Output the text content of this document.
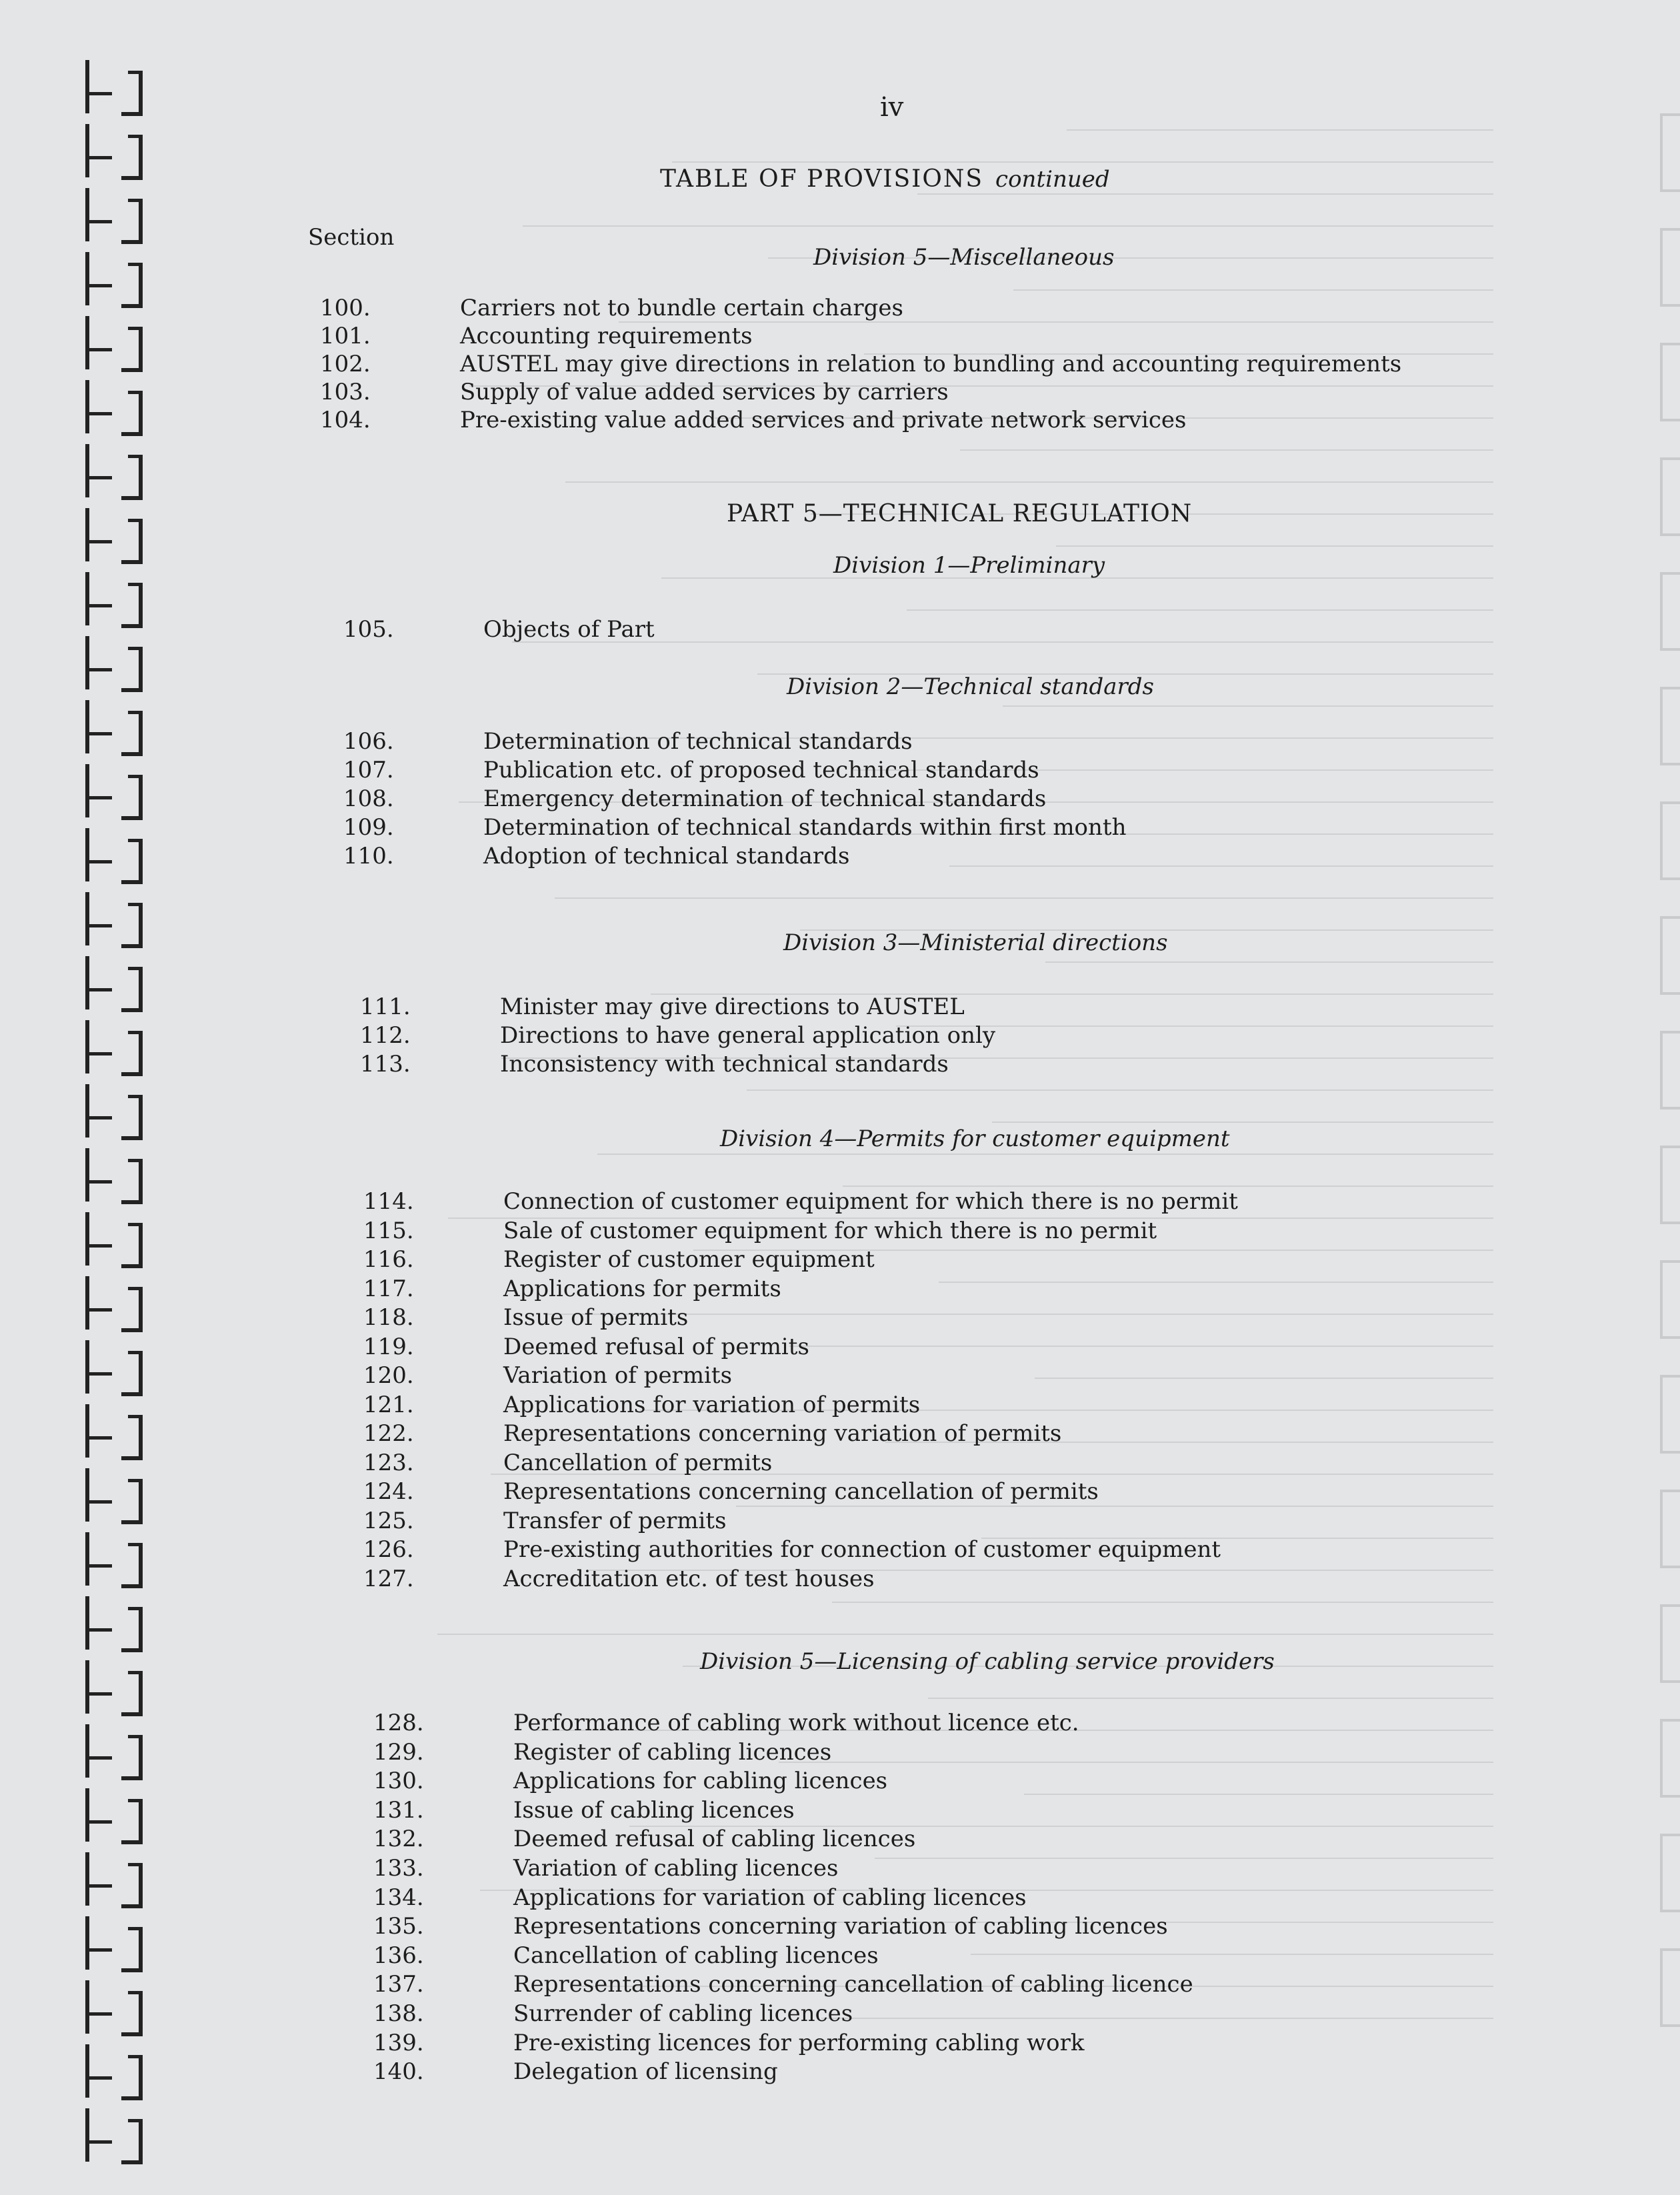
iv
TABLE OF PROVISIONS continued
Section
Division 5—Miscellaneous
100.	Carriers not to bundle certain charges
101.	Accounting requirements
102.	AUSTEL may give directions in relation to bundling and accounting requirements
103.	Supply of value added services by carriers
104.	Pre-existing value added services and private network services
PART 5—TECHNICAL REGULATION
Division 1—Preliminary
105.	Objects of Part
Division 2—Technical standards
106.	Determination of technical standards
107.	Publication etc. of proposed technical standards
108.	Emergency determination of technical standards
109.	Determination of technical standards within first month
110.	Adoption of technical standards
Division 3—Ministerial directions
111.	Minister may give directions to AUSTEL
112.	Directions to have general application only
113.	Inconsistency with technical standards
Division 4—Permits for customer equipment
114.	Connection of customer equipment for which there is no permit
115.	Sale of customer equipment for which there is no permit
116.	Register of customer equipment
117.	Applications for permits
118.	Issue of permits
119.	Deemed refusal of permits
120.	Variation of permits
121.	Applications for variation of permits
122.	Representations concerning variation of permits
123.	Cancellation of permits
124.	Representations concerning cancellation of permits
125.	Transfer of permits
126.	Pre-existing authorities for connection of customer equipment
127.	Accreditation etc. of test houses
Division 5—Licensing of cabling service providers
128.	Performance of cabling work without licence etc.
129.	Register of cabling licences
130.	Applications for cabling licences
131.	Issue of cabling licences
132.	Deemed refusal of cabling licences
133.	Variation of cabling licences
134.	Applications for variation of cabling licences
135.	Representations concerning variation of cabling licences
136.	Cancellation of cabling licences
137.	Representations concerning cancellation of cabling licence
138.	Surrender of cabling licences
139.	Pre-existing licences for performing cabling work
140.	Delegation of licensing
